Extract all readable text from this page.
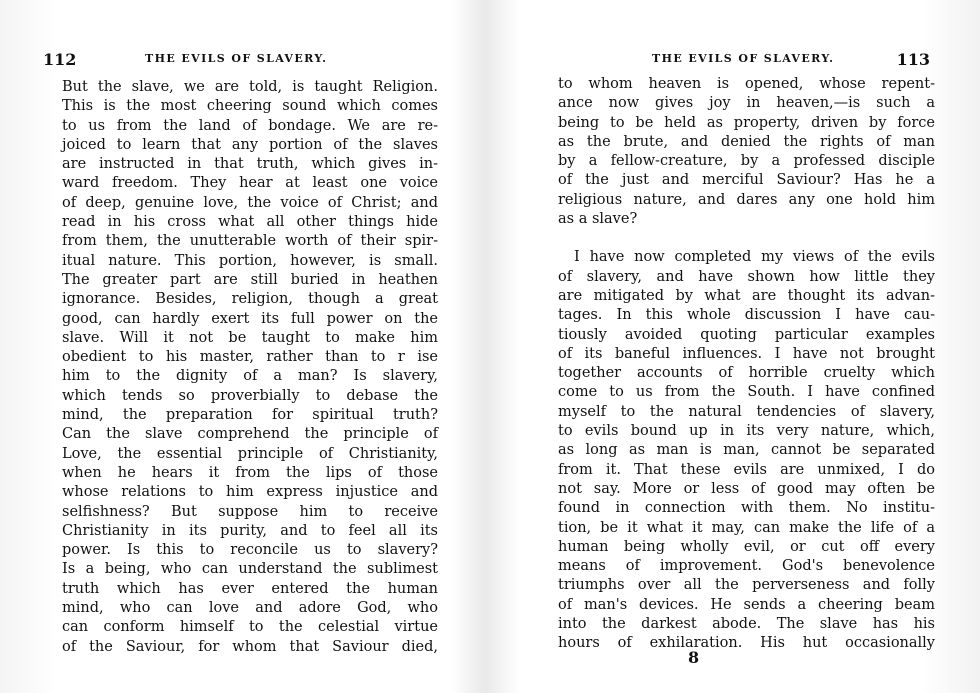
112	THE EVILS OF SLAVERY.
But the slave, we are told, is taught Religion.
This is the most cheering sound which comes
to us from the land of bondage. We are re-
joiced to learn that any portion of the slaves
are instructed in that truth, which gives in-
ward freedom. They hear at least one voice
of deep, genuine love, the voice of Christ; and
read in his cross what all other things hide
from them, the unutterable worth of their spir-
itual nature. This portion, however, is small.
The greater part are still buried in heathen
ignorance. Besides, religion, though a great
good, can hardly exert its full power on the
slave. Will it not be taught to make him
obedient to his master, rather than to r ise
him to the dignity of a man? Is slavery,
which tends so proverbially to debase the
mind, the preparation for spiritual truth?
Can the slave comprehend the principle of
Love, the essential principle of Christianity,
when he hears it from the lips of those
whose relations to him express injustice and
selfishness? But suppose him to receive
Christianity in its purity, and to feel all its
power. Is this to reconcile us to slavery?
Is a being, who can understand the sublimest
truth which has ever entered the human
mind, who can love and adore God, who
can conform himself to the celestial virtue
of the Saviour, for whom that Saviour died,
THE EVILS OF SLAVERY.	113
to whom heaven is opened, whose repent-
ance now gives joy in heaven,—is such a
being to be held as property, driven by force
as the brute, and denied the rights of man
by a fellow-creature, by a professed disciple
of the just and merciful Saviour? Has he a
religious nature, and dares any one hold him
as a slave?
I have now completed my views of the evils
of slavery, and have shown how little they
are mitigated by what are thought its advan-
tages. In this whole discussion I have cau-
tiously avoided quoting particular examples
of its baneful influences. I have not brought
together accounts of horrible cruelty which
come to us from the South. I have confined
myself to the natural tendencies of slavery,
to evils bound up in its very nature, which,
as long as man is man, cannot be separated
from it. That these evils are unmixed, I do
not say. More or less of good may often be
found in connection with them. No institu-
tion, be it what it may, can make the life of a
human being wholly evil, or cut off every
means of improvement. God's benevolence
triumphs over all the perverseness and folly
of man's devices. He sends a cheering beam
into the darkest abode. The slave has his
hours of exhilaration. His hut occasionally
8
